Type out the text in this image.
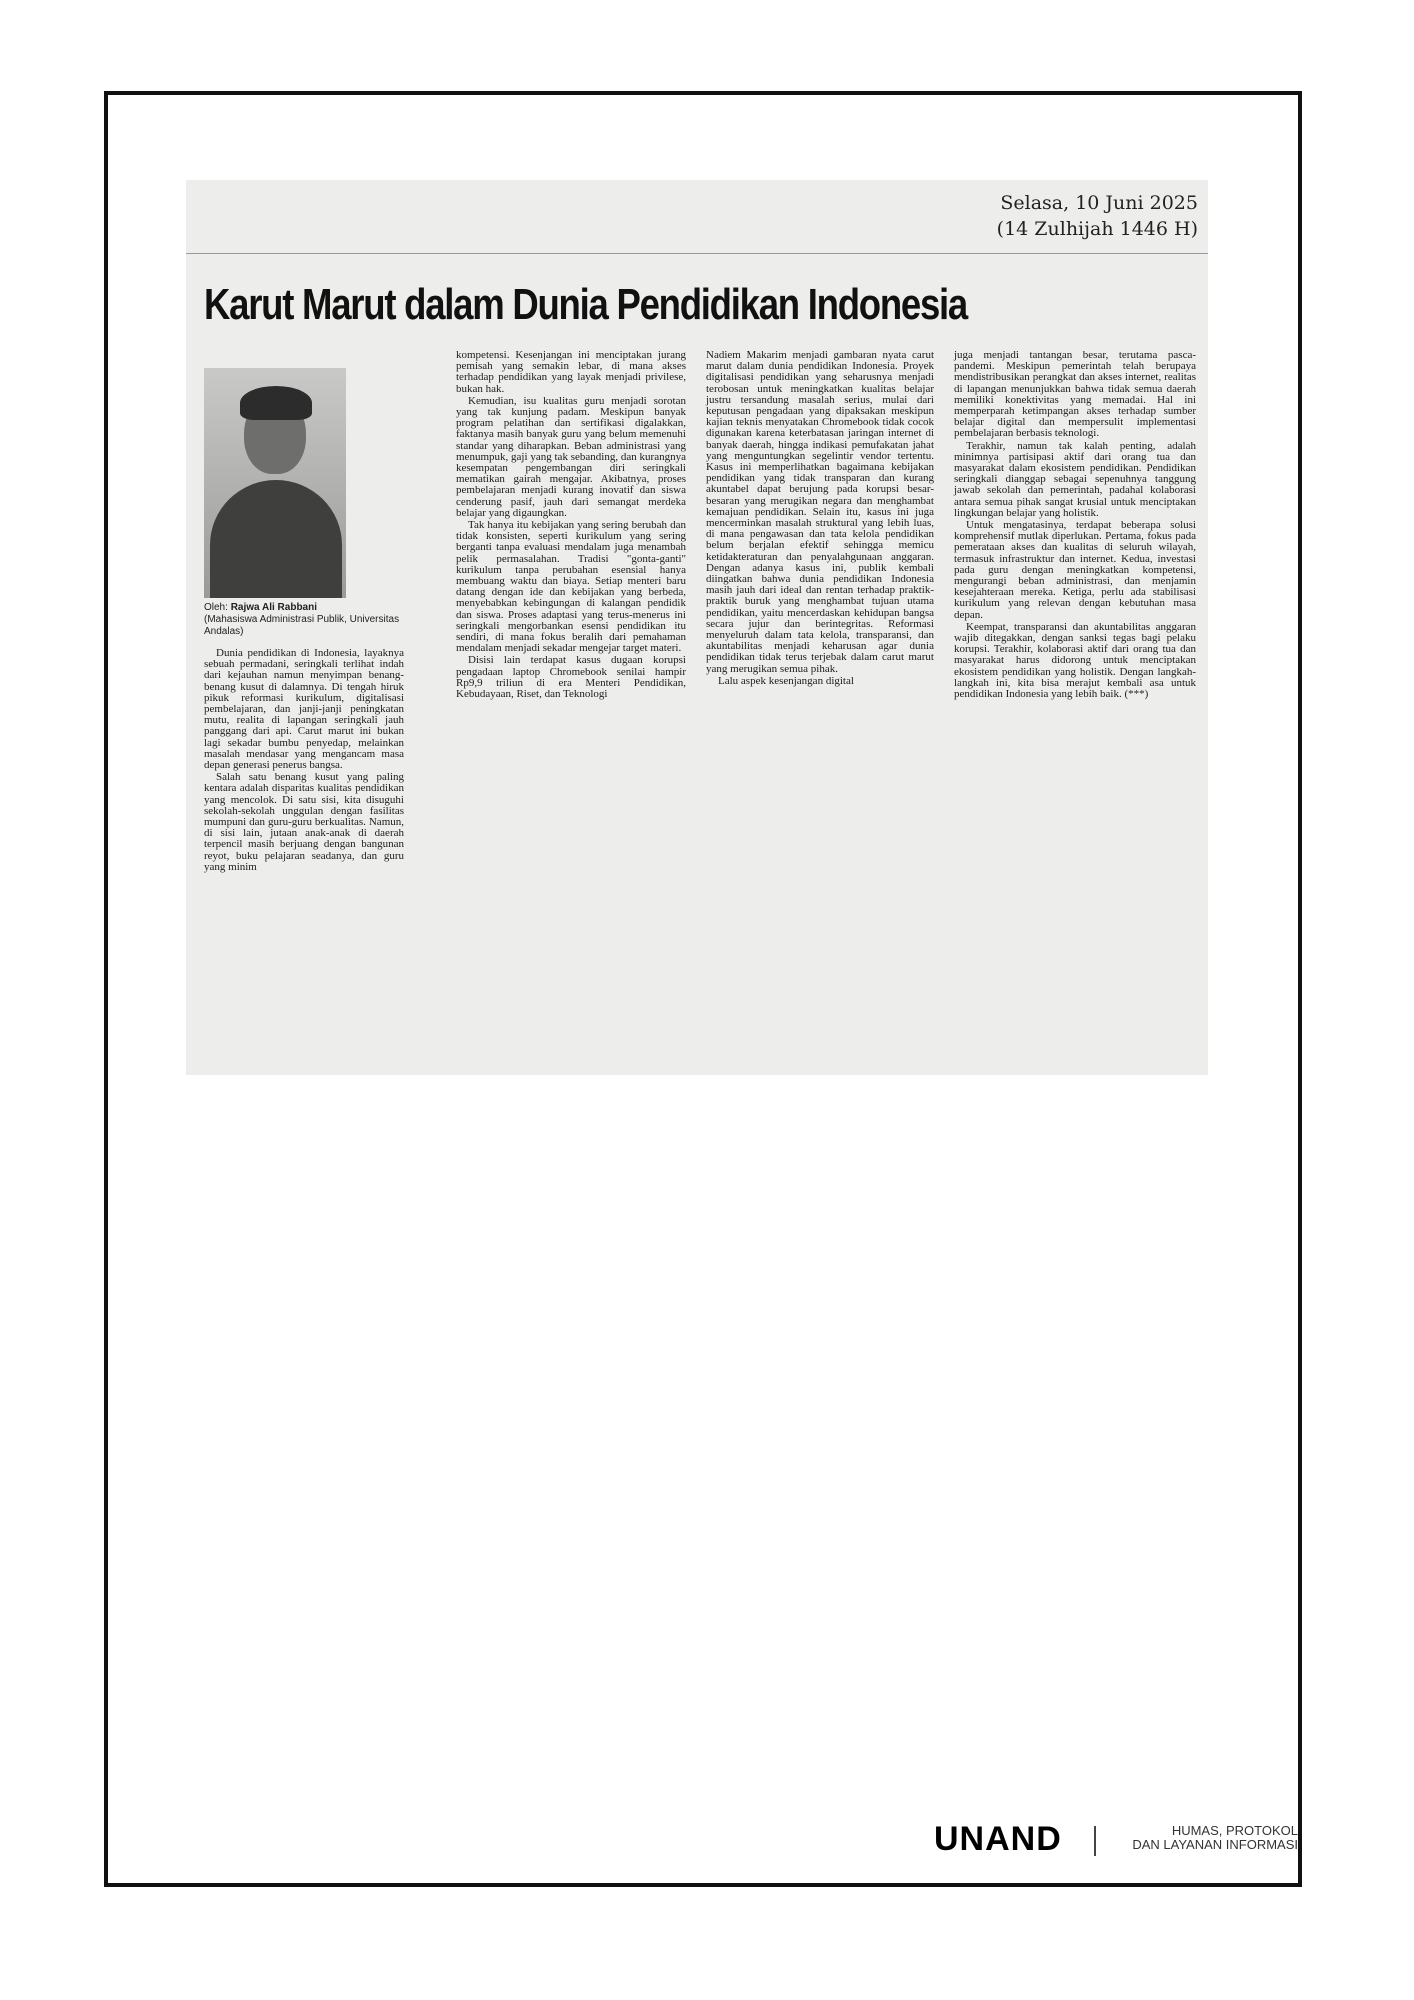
Selasa, 10 Juni 2025
(14 Zulhijah 1446 H)
Karut Marut dalam Dunia Pendidikan Indonesia
Oleh: Rajwa Ali Rabbani
(Mahasiswa Administrasi Publik, Universitas Andalas)

Dunia pendidikan di Indonesia, layaknya sebuah permadani, seringkali terlihat indah dari kejauhan namun menyimpan benang-benang kusut di dalamnya. Di tengah hiruk pikuk reformasi kurikulum, digitalisasi pembelajaran, dan janji-janji peningkatan mutu, realita di lapangan seringkali jauh panggang dari api. Carut marut ini bukan lagi sekadar bumbu penyedap, melainkan masalah mendasar yang mengancam masa depan generasi penerus bangsa.

Salah satu benang kusut yang paling kentara adalah disparitas kualitas pendidikan yang mencolok. Di satu sisi, kita disuguhi sekolah-sekolah unggulan dengan fasilitas mumpuni dan guru-guru berkualitas. Namun, di sisi lain, jutaan anak-anak di daerah terpencil masih berjuang dengan bangunan reyot, buku pelajaran seadanya, dan guru yang minim

kompetensi. Kesenjangan ini menciptakan jurang pemisah yang semakin lebar, di mana akses terhadap pendidikan yang layak menjadi privilese, bukan hak.

Kemudian, isu kualitas guru menjadi sorotan yang tak kunjung padam. Meskipun banyak program pelatihan dan sertifikasi digalakkan, faktanya masih banyak guru yang belum memenuhi standar yang diharapkan. Beban administrasi yang menumpuk, gaji yang tak sebanding, dan kurangnya kesempatan pengembangan diri seringkali mematikan gairah mengajar. Akibatnya, proses pembelajaran menjadi kurang inovatif dan siswa cenderung pasif, jauh dari semangat merdeka belajar yang digaungkan.

Tak hanya itu kebijakan yang sering berubah dan tidak konsisten, seperti kurikulum yang sering berganti tanpa evaluasi mendalam juga menambah pelik permasalahan. Tradisi "gonta-ganti" kurikulum tanpa perubahan esensial hanya membuang waktu dan biaya. Setiap menteri baru datang dengan ide dan kebijakan yang berbeda, menyebabkan kebingungan di kalangan pendidik dan siswa. Proses adaptasi yang terus-menerus ini seringkali mengorbankan esensi pendidikan itu sendiri, di mana fokus beralih dari pemahaman mendalam menjadi sekadar mengejar target materi.

Disisi lain terdapat kasus dugaan korupsi pengadaan laptop Chromebook senilai hampir Rp9,9 triliun di era Menteri Pendidikan, Kebudayaan, Riset, dan Teknologi

Nadiem Makarim menjadi gambaran nyata carut marut dalam dunia pendidikan Indonesia. Proyek digitalisasi pendidikan yang seharusnya menjadi terobosan untuk meningkatkan kualitas belajar justru tersandung masalah serius, mulai dari keputusan pengadaan yang dipaksakan meskipun kajian teknis menyatakan Chromebook tidak cocok digunakan karena keterbatasan jaringan internet di banyak daerah, hingga indikasi pemufakatan jahat yang menguntungkan segelintir vendor tertentu. Kasus ini memperlihatkan bagaimana kebijakan pendidikan yang tidak transparan dan kurang akuntabel dapat berujung pada korupsi besar-besaran yang merugikan negara dan menghambat kemajuan pendidikan. Selain itu, kasus ini juga mencerminkan masalah struktural yang lebih luas, di mana pengawasan dan tata kelola pendidikan belum berjalan efektif sehingga memicu ketidakteraturan dan penyalahgunaan anggaran. Dengan adanya kasus ini, publik kembali diingatkan bahwa dunia pendidikan Indonesia masih jauh dari ideal dan rentan terhadap praktik-praktik buruk yang menghambat tujuan utama pendidikan, yaitu mencerdaskan kehidupan bangsa secara jujur dan berintegritas. Reformasi menyeluruh dalam tata kelola, transparansi, dan akuntabilitas menjadi keharusan agar dunia pendidikan tidak terus terjebak dalam carut marut yang merugikan semua pihak.

Lalu aspek kesenjangan digital

juga menjadi tantangan besar, terutama pasca-pandemi. Meskipun pemerintah telah berupaya mendistribusikan perangkat dan akses internet, realitas di lapangan menunjukkan bahwa tidak semua daerah memiliki konektivitas yang memadai. Hal ini memperparah ketimpangan akses terhadap sumber belajar digital dan mempersulit implementasi pembelajaran berbasis teknologi.

Terakhir, namun tak kalah penting, adalah minimnya partisipasi aktif dari orang tua dan masyarakat dalam ekosistem pendidikan. Pendidikan seringkali dianggap sebagai sepenuhnya tanggung jawab sekolah dan pemerintah, padahal kolaborasi antara semua pihak sangat krusial untuk menciptakan lingkungan belajar yang holistik.

Untuk mengatasinya, terdapat beberapa solusi komprehensif mutlak diperlukan. Pertama, fokus pada pemerataan akses dan kualitas di seluruh wilayah, termasuk infrastruktur dan internet. Kedua, investasi pada guru dengan meningkatkan kompetensi, mengurangi beban administrasi, dan menjamin kesejahteraan mereka. Ketiga, perlu ada stabilisasi kurikulum yang relevan dengan kebutuhan masa depan.

Keempat, transparansi dan akuntabilitas anggaran wajib ditegakkan, dengan sanksi tegas bagi pelaku korupsi. Terakhir, kolaborasi aktif dari orang tua dan masyarakat harus didorong untuk menciptakan ekosistem pendidikan yang holistik. Dengan langkah-langkah ini, kita bisa merajut kembali asa untuk pendidikan Indonesia yang lebih baik. (***)

UNAND	HUMAS, PROTOKOL
DAN LAYANAN INFORMASI
